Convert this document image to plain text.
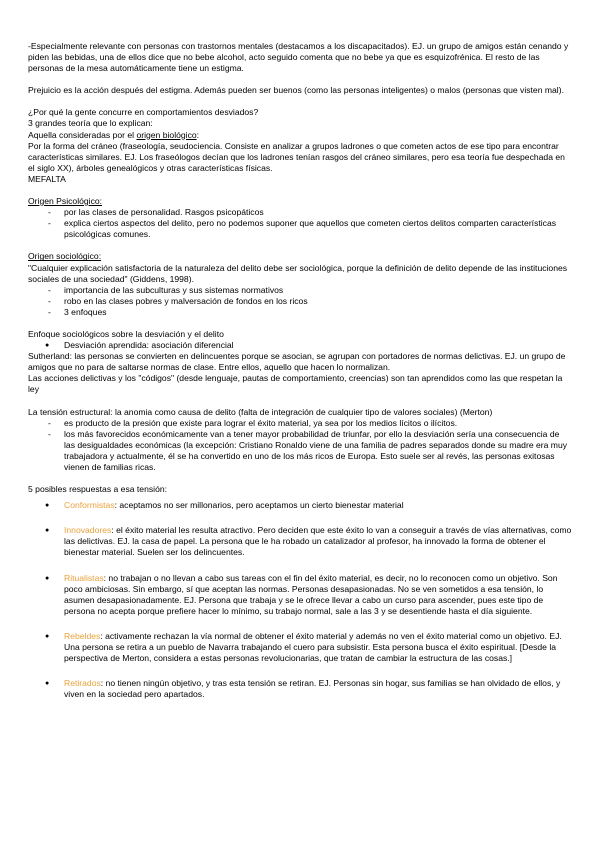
-Especialmente relevante con personas con trastornos mentales (destacamos a los discapacitados). EJ. un grupo de amigos están cenando y piden las bebidas, una de ellos dice que no bebe alcohol, acto seguido comenta que no bebe ya que es esquizofrénica. El resto de las personas de la mesa automáticamente tiene un estigma.

Prejuicio es la acción después del estigma. Además pueden ser buenos (como las personas inteligentes) o malos (personas que visten mal).

¿Por qué la gente concurre en comportamientos desviados?

3 grandes teoría que lo explican:

Aquella consideradas por el origen biológico:

Por la forma del cráneo (fraseología, seudociencia. Consiste en analizar a grupos ladrones o que cometen actos de ese tipo para encontrar características similares. EJ. Los fraseólogos decían que los ladrones tenían rasgos del cráneo similares, pero esa teoría fue despechada en el siglo XX), árboles genealógicos y otras características físicas.

MEFALTA

Origen Psicológico:

- por las clases de personalidad. Rasgos psicopáticos
- explica ciertos aspectos del delito, pero no podemos suponer que aquellos que cometen ciertos delitos comparten características psicológicas comunes.

Origen sociológico:

"Cualquier explicación satisfactoria de la naturaleza del delito debe ser sociológica, porque la definición de delito depende de las instituciones sociales de una sociedad" (Giddens, 1998).

- importancia de las subculturas y sus sistemas normativos
- robo en las clases pobres y malversación de fondos en los ricos
- 3 enfoques

Enfoque sociológicos sobre la desviación y el delito

● Desviación aprendida: asociación diferencial

Sutherland: las personas se convierten en delincuentes porque se asocian, se agrupan con portadores de normas delictivas. EJ. un grupo de amigos que no para de saltarse normas de clase. Entre ellos, aquello que hacen lo normalizan.

Las acciones delictivas y los "códigos" (desde lenguaje, pautas de comportamiento, creencias) son tan aprendidos como las que respetan la ley

La tensión estructural: la anomia como causa de delito (falta de integración de cualquier tipo de valores sociales) (Merton)

- es producto de la presión que existe para lograr el éxito material, ya sea por los medios lícitos o ilícitos.
- los más favorecidos económicamente van a tener mayor probabilidad de triunfar, por ello la desviación sería una consecuencia de las desigualdades económicas (la excepción: Cristiano Ronaldo viene de una familia de padres separados donde su madre era muy trabajadora y actualmente, él se ha convertido en uno de los más ricos de Europa. Esto suele ser al revés, las personas exitosas vienen de familias ricas.

5 posibles respuestas a esa tensión:

● Conformistas: aceptamos no ser millonarios, pero aceptamos un cierto bienestar material
● Innovadores: el éxito material les resulta atractivo. Pero deciden que este éxito lo van a conseguir a través de vías alternativas, como las delictivas. EJ. la casa de papel. La persona que le ha robado un catalizador al profesor, ha innovado la forma de obtener el bienestar material. Suelen ser los delincuentes.
● Ritualistas: no trabajan o no llevan a cabo sus tareas con el fin del éxito material, es decir, no lo reconocen como un objetivo. Son poco ambiciosas. Sin embargo, sí que aceptan las normas. Personas desapasionadas. No se ven sometidos a esa tensión, lo asumen desapasionadamente. EJ. Persona que trabaja y se le ofrece llevar a cabo un curso para ascender, pues este tipo de persona no acepta porque prefiere hacer lo mínimo, su trabajo normal, sale a las 3 y se desentiende hasta el día siguiente.
● Rebeldes: activamente rechazan la vía normal de obtener el éxito material y además no ven el éxito material como un objetivo. EJ. Una persona se retira a un pueblo de Navarra trabajando el cuero para subsistir. Esta persona busca el éxito espiritual. [Desde la perspectiva de Merton, considera a estas personas revolucionarias, que tratan de cambiar la estructura de las cosas.]
● Retirados: no tienen ningún objetivo, y tras esta tensión se retiran. EJ. Personas sin hogar, sus familias se han olvidado de ellos, y viven en la sociedad pero apartados.
